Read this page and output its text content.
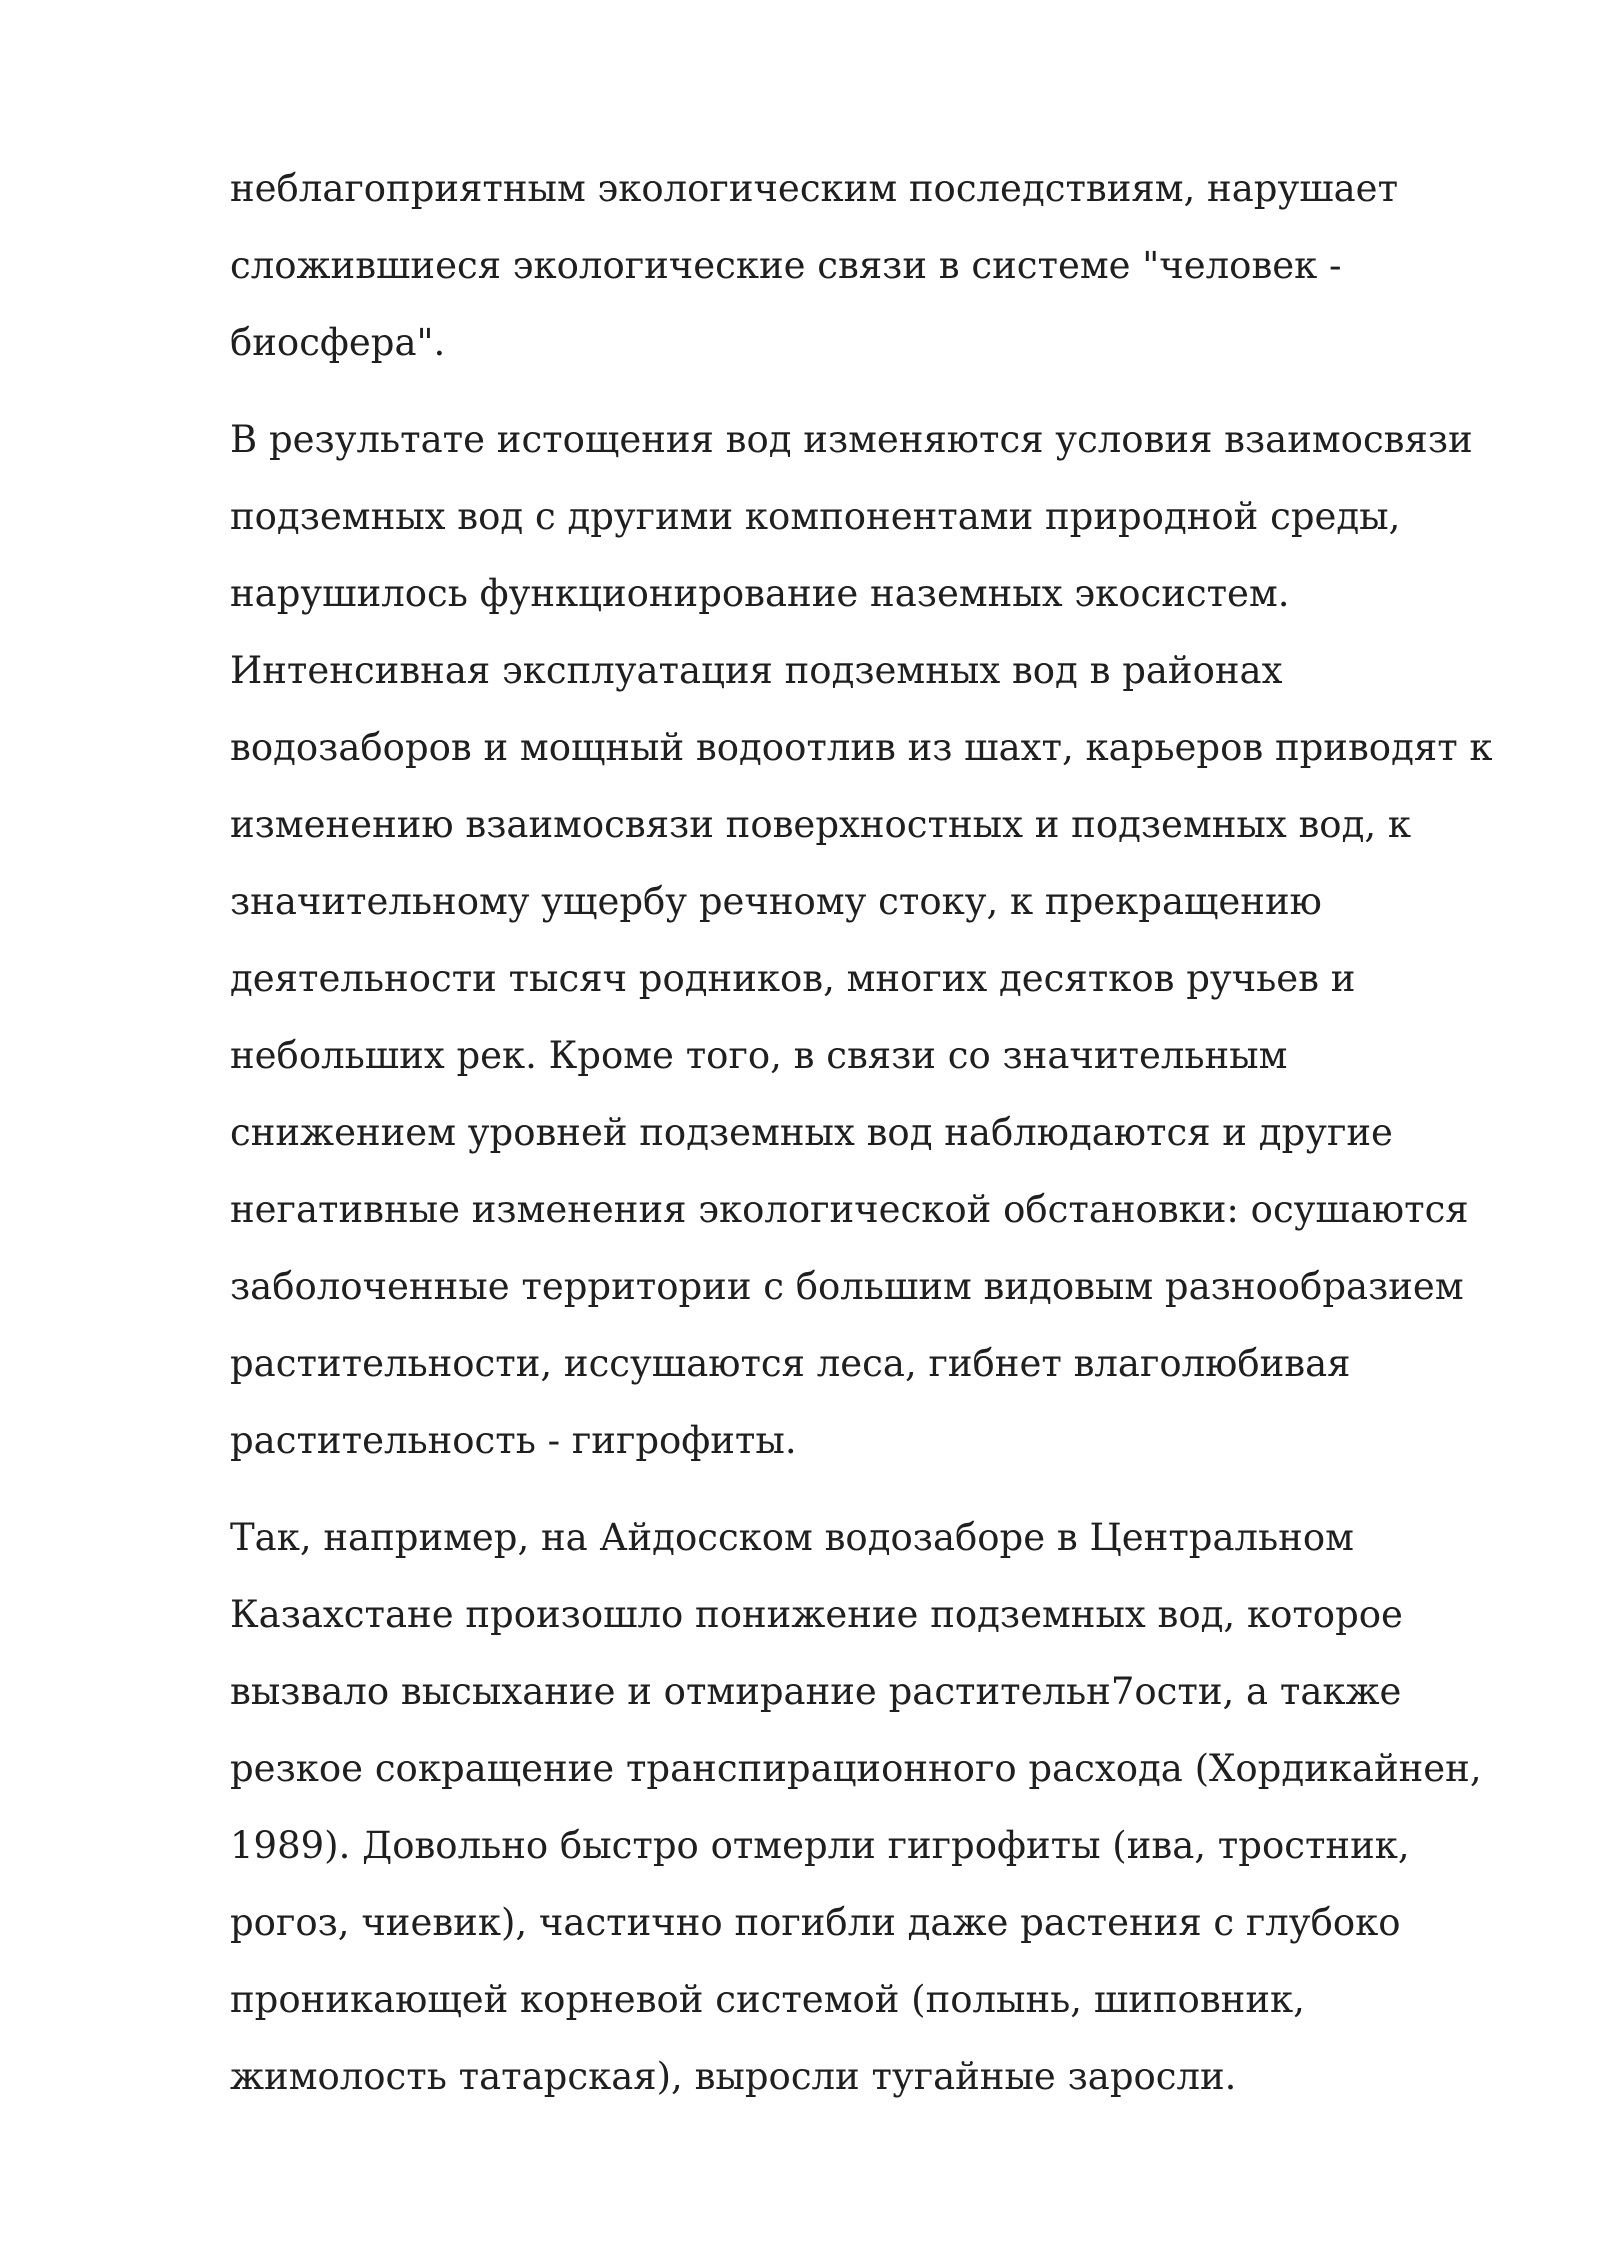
неблагоприятным экологическим последствиям, нарушает
сложившиеся экологические связи в системе "человек -
биосфера".

В результате истощения вод изменяются условия взаимосвязи
подземных вод с другими компонентами природной среды,
нарушилось функционирование наземных экосистем.
Интенсивная эксплуатация подземных вод в районах
водозаборов и мощный водоотлив из шахт, карьеров приводят к
изменению взаимосвязи поверхностных и подземных вод, к
значительному ущербу речному стоку, к прекращению
деятельности тысяч родников, многих десятков ручьев и
небольших рек. Кроме того, в связи со значительным
снижением уровней подземных вод наблюдаются и другие
негативные изменения экологической обстановки: осушаются
заболоченные территории с большим видовым разнообразием
растительности, иссушаются леса, гибнет влаголюбивая
растительность - гигрофиты.

Так, например, на Айдосском водозаборе в Центральном
Казахстане произошло понижение подземных вод, которое
вызвало высыхание и отмирание растительн7ости, а также
резкое сокращение транспирационного расхода (Хордикайнен,
1989). Довольно быстро отмерли гигрофиты (ива, тростник,
рогоз, чиевик), частично погибли даже растения с глубоко
проникающей корневой системой (полынь, шиповник,
жимолость татарская), выросли тугайные заросли.
